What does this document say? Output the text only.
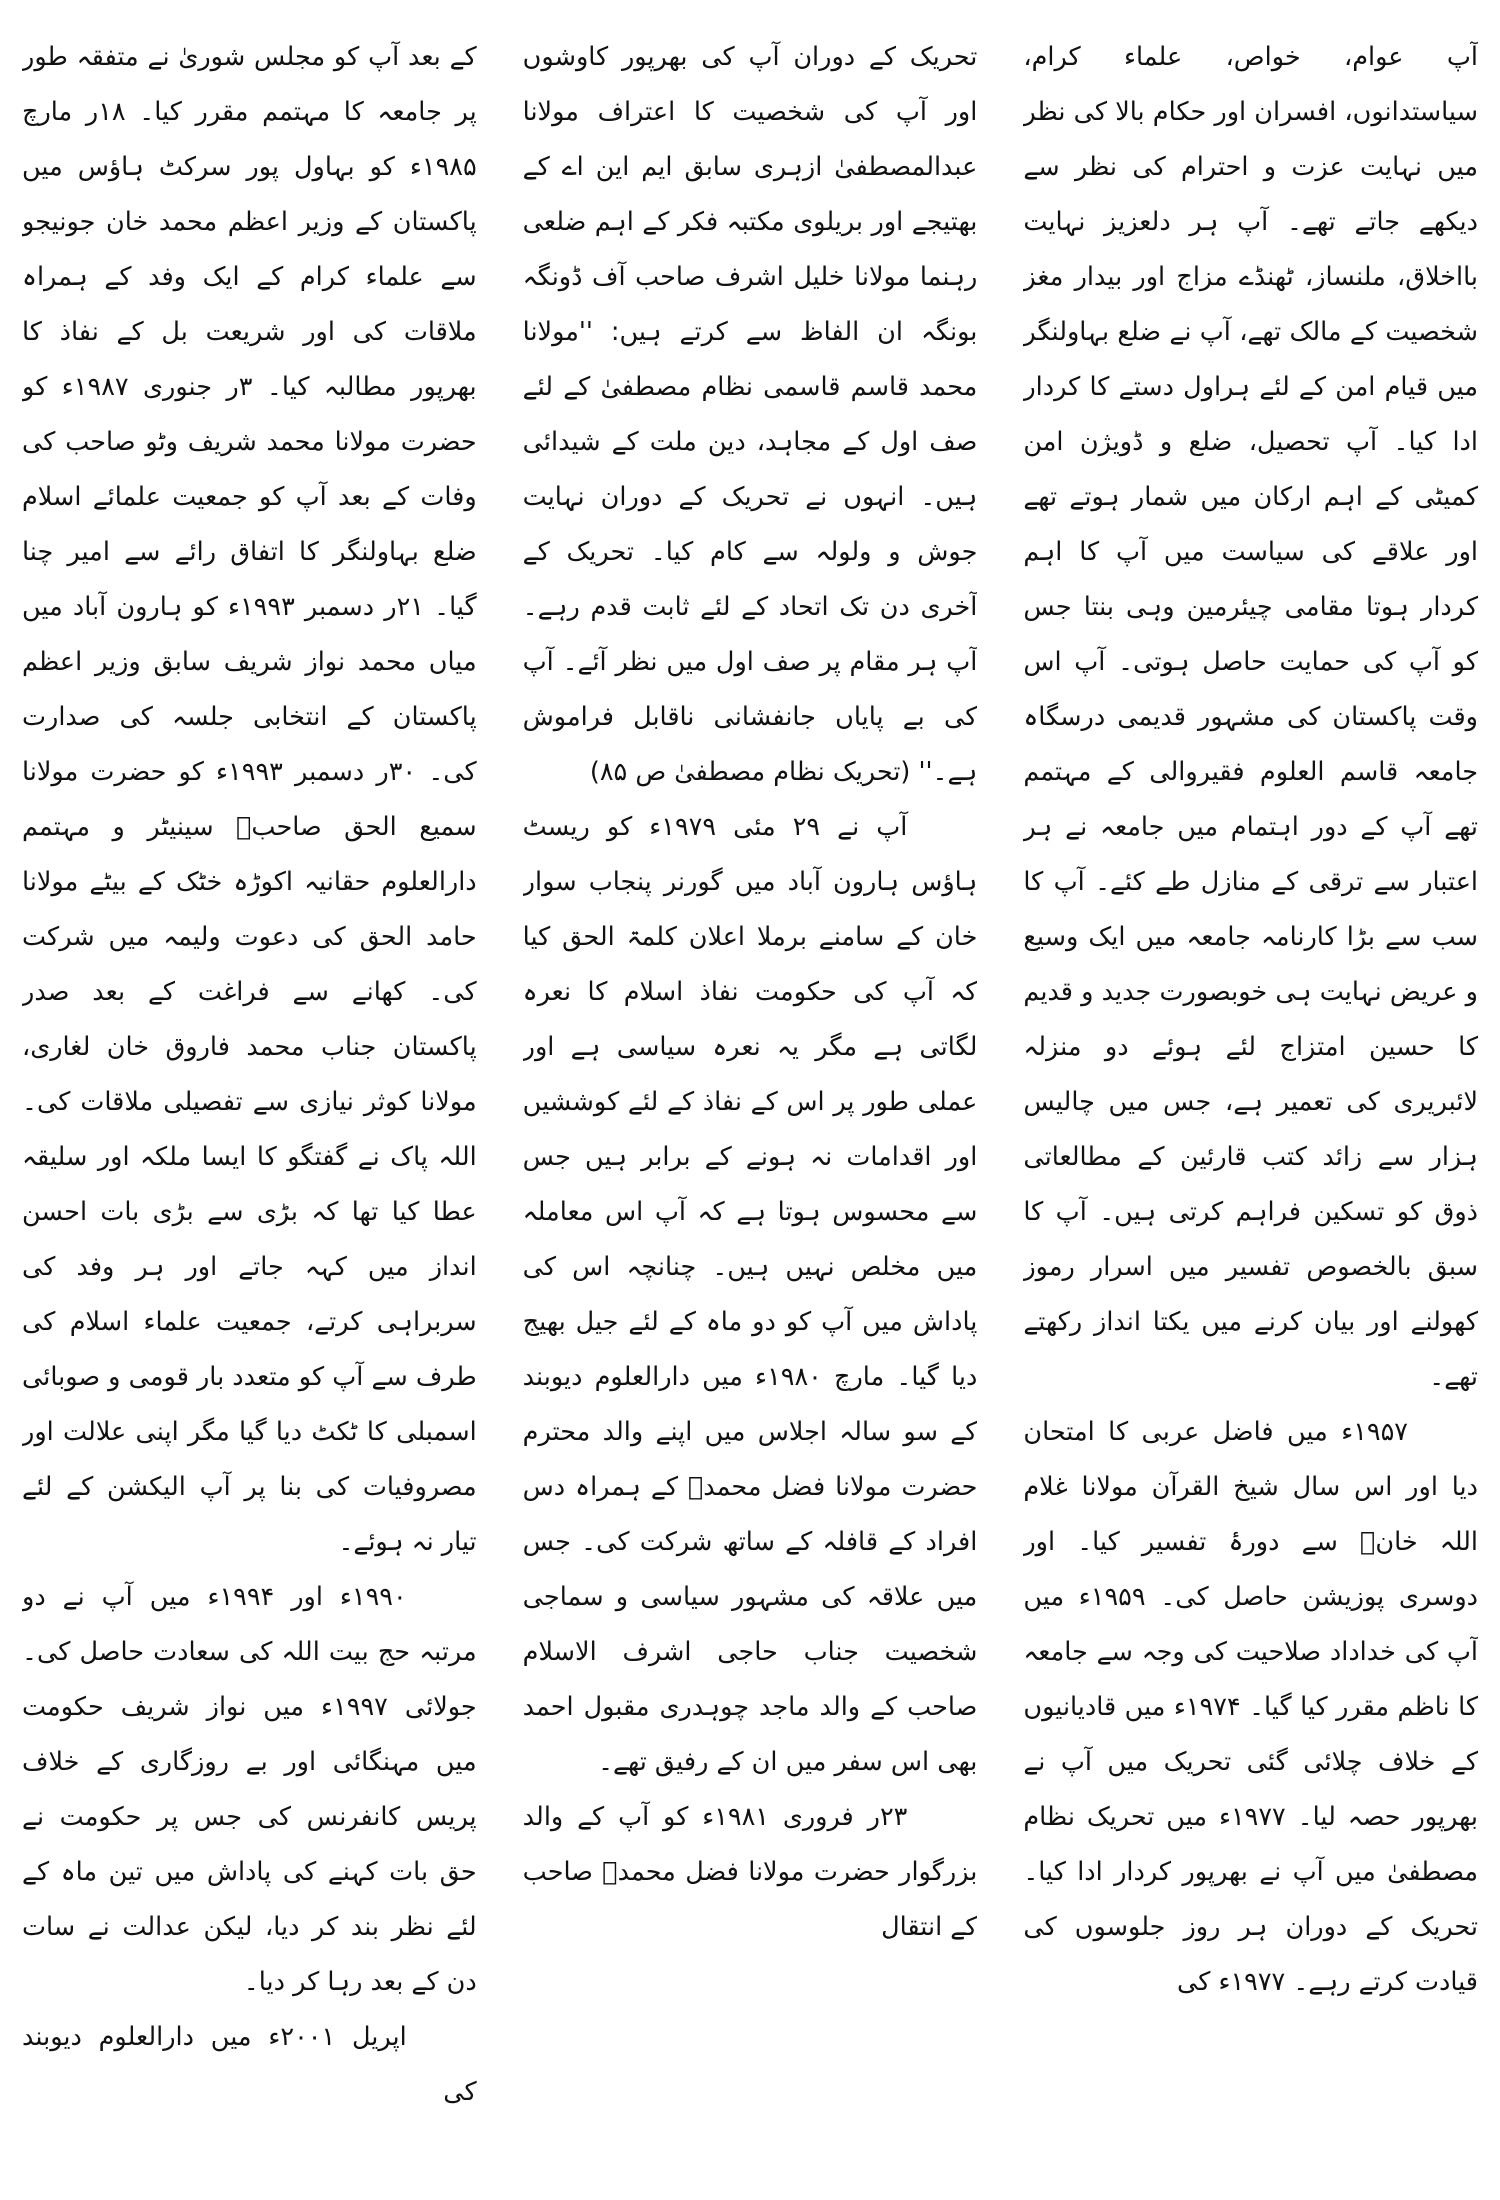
آپ عوام، خواص، علماء کرام، سیاستدانوں، افسران اور حکام بالا کی نظر میں نہایت عزت و احترام کی نظر سے دیکھے جاتے تھے۔ آپ ہر دلعزیز نہایت بااخلاق، ملنساز، ٹھنڈے مزاج اور بیدار مغز شخصیت کے مالک تھے، آپ نے ضلع بہاولنگر میں قیام امن کے لئے ہراول دستے کا کردار ادا کیا۔ آپ تحصیل، ضلع و ڈویژن امن کمیٹی کے اہم ارکان میں شمار ہوتے تھے اور علاقے کی سیاست میں آپ کا اہم کردار ہوتا مقامی چیئرمین وہی بنتا جس کو آپ کی حمایت حاصل ہوتی۔ آپ اس وقت پاکستان کی مشہور قدیمی درسگاہ جامعہ قاسم العلوم فقیروالی کے مہتمم تھے آپ کے دور اہتمام میں جامعہ نے ہر اعتبار سے ترقی کے منازل طے کئے۔ آپ کا سب سے بڑا کارنامہ جامعہ میں ایک وسیع و عریض نہایت ہی خوبصورت جدید و قدیم کا حسین امتزاج لئے ہوئے دو منزلہ لائبریری کی تعمیر ہے، جس میں چالیس ہزار سے زائد کتب قارئین کے مطالعاتی ذوق کو تسکین فراہم کرتی ہیں۔ آپ کا سبق بالخصوص تفسیر میں اسرار رموز کھولنے اور بیان کرنے میں یکتا انداز رکھتے تھے۔

۱۹۵۷ء میں فاضل عربی کا امتحان دیا اور اس سال شیخ القرآن مولانا غلام اللہ خانؒ سے دورۂ تفسیر کیا۔ اور دوسری پوزیشن حاصل کی۔ ۱۹۵۹ء میں آپ کی خداداد صلاحیت کی وجہ سے جامعہ کا ناظم مقرر کیا گیا۔ ۱۹۷۴ء میں قادیانیوں کے خلاف چلائی گئی تحریک میں آپ نے بھرپور حصہ لیا۔ ۱۹۷۷ء میں تحریک نظام مصطفیٰ میں آپ نے بھرپور کردار ادا کیا۔ تحریک کے دوران ہر روز جلوسوں کی قیادت کرتے رہے۔ ۱۹۷۷ء کی

تحریک کے دوران آپ کی بھرپور کاوشوں اور آپ کی شخصیت کا اعتراف مولانا عبدالمصطفیٰ ازہری سابق ایم این اے کے بھتیجے اور بریلوی مکتبہ فکر کے اہم ضلعی رہنما مولانا خلیل اشرف صاحب آف ڈونگہ بونگہ ان الفاظ سے کرتے ہیں: ''مولانا محمد قاسم قاسمی نظام مصطفیٰ کے لئے صف اول کے مجاہد، دین ملت کے شیدائی ہیں۔ انہوں نے تحریک کے دوران نہایت جوش و ولولہ سے کام کیا۔ تحریک کے آخری دن تک اتحاد کے لئے ثابت قدم رہے۔ آپ ہر مقام پر صف اول میں نظر آئے۔ آپ کی بے پایاں جانفشانی ناقابل فراموش ہے۔'' (تحریک نظام مصطفیٰ ص ۸۵)

آپ نے ۲۹ مئی ۱۹۷۹ء کو ریسٹ ہاؤس ہارون آباد میں گورنر پنجاب سوار خان کے سامنے برملا اعلان کلمۃ الحق کیا کہ آپ کی حکومت نفاذ اسلام کا نعرہ لگاتی ہے مگر یہ نعرہ سیاسی ہے اور عملی طور پر اس کے نفاذ کے لئے کوششیں اور اقدامات نہ ہونے کے برابر ہیں جس سے محسوس ہوتا ہے کہ آپ اس معاملہ میں مخلص نہیں ہیں۔ چنانچہ اس کی پاداش میں آپ کو دو ماہ کے لئے جیل بھیج دیا گیا۔ مارچ ۱۹۸۰ء میں دارالعلوم دیوبند کے سو سالہ اجلاس میں اپنے والد محترم حضرت مولانا فضل محمدؒ کے ہمراہ دس افراد کے قافلہ کے ساتھ شرکت کی۔ جس میں علاقہ کی مشہور سیاسی و سماجی شخصیت جناب حاجی اشرف الاسلام صاحب کے والد ماجد چوہدری مقبول احمد بھی اس سفر میں ان کے رفیق تھے۔

۲۳ر فروری ۱۹۸۱ء کو آپ کے والد بزرگوار حضرت مولانا فضل محمدؒ صاحب کے انتقال

کے بعد آپ کو مجلس شوریٰ نے متفقہ طور پر جامعہ کا مہتمم مقرر کیا۔ ۱۸ر مارچ ۱۹۸۵ء کو بہاول پور سرکٹ ہاؤس میں پاکستان کے وزیر اعظم محمد خان جونیجو سے علماء کرام کے ایک وفد کے ہمراہ ملاقات کی اور شریعت بل کے نفاذ کا بھرپور مطالبہ کیا۔ ۳ر جنوری ۱۹۸۷ء کو حضرت مولانا محمد شریف وٹو صاحب کی وفات کے بعد آپ کو جمعیت علمائے اسلام ضلع بہاولنگر کا اتفاق رائے سے امیر چنا گیا۔ ۲۱ر دسمبر ۱۹۹۳ء کو ہارون آباد میں میاں محمد نواز شریف سابق وزیر اعظم پاکستان کے انتخابی جلسہ کی صدارت کی۔ ۳۰ر دسمبر ۱۹۹۳ء کو حضرت مولانا سمیع الحق صاحبؒ سینیٹر و مہتمم دارالعلوم حقانیہ اکوڑہ خٹک کے بیٹے مولانا حامد الحق کی دعوت ولیمہ میں شرکت کی۔ کھانے سے فراغت کے بعد صدر پاکستان جناب محمد فاروق خان لغاری، مولانا کوثر نیازی سے تفصیلی ملاقات کی۔ اللہ پاک نے گفتگو کا ایسا ملکہ اور سلیقہ عطا کیا تھا کہ بڑی سے بڑی بات احسن انداز میں کہہ جاتے اور ہر وفد کی سربراہی کرتے، جمعیت علماء اسلام کی طرف سے آپ کو متعدد بار قومی و صوبائی اسمبلی کا ٹکٹ دیا گیا مگر اپنی علالت اور مصروفیات کی بنا پر آپ الیکشن کے لئے تیار نہ ہوئے۔

۱۹۹۰ء اور ۱۹۹۴ء میں آپ نے دو مرتبہ حج بیت اللہ کی سعادت حاصل کی۔ جولائی ۱۹۹۷ء میں نواز شریف حکومت میں مہنگائی اور بے روزگاری کے خلاف پریس کانفرنس کی جس پر حکومت نے حق بات کہنے کی پاداش میں تین ماہ کے لئے نظر بند کر دیا، لیکن عدالت نے سات دن کے بعد رہا کر دیا۔

اپریل ۲۰۰۱ء میں دارالعلوم دیوبند کی
